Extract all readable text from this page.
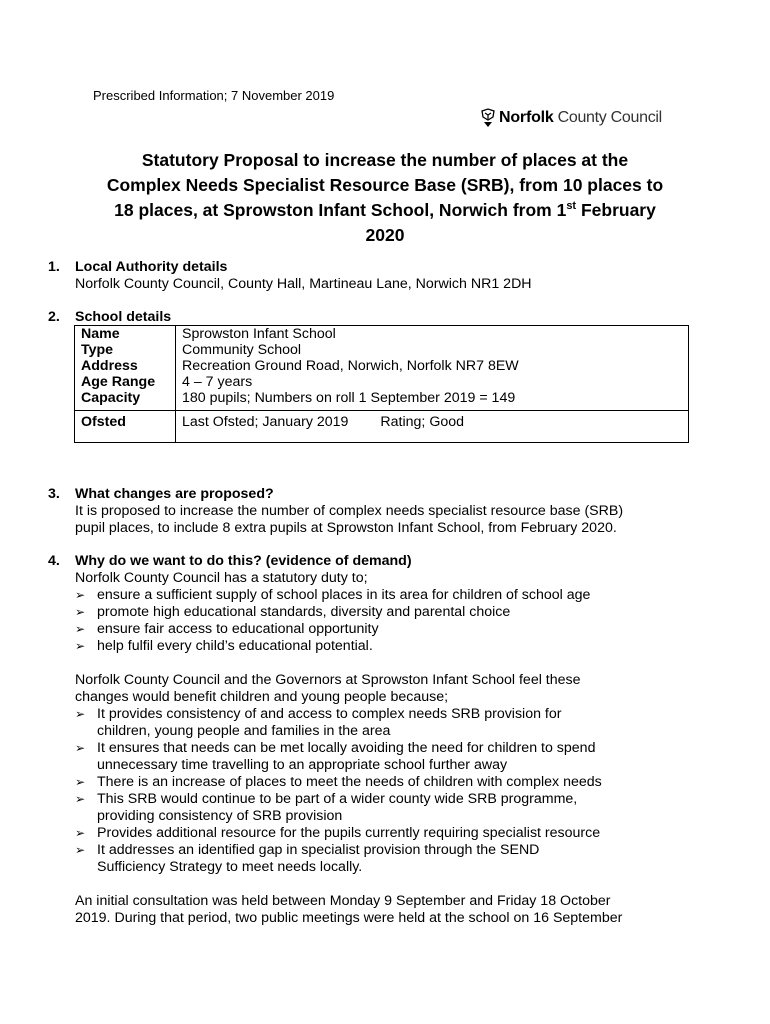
Prescribed Information; 7 November 2019
Norfolk County Council
Statutory Proposal to increase the number of places at the
Complex Needs Specialist Resource Base (SRB), from 10 places to
18 places, at Sprowston Infant School, Norwich from 1st February
2020
1. Local Authority details
Norfolk County Council, County Hall, Martineau Lane, Norwich NR1 2DH
2. School details
Name	Sprowston Infant School
Type	Community School
Address	Recreation Ground Road, Norwich, Norfolk NR7 8EW
Age Range	4 – 7 years
Capacity	180 pupils; Numbers on roll 1 September 2019 = 149
Ofsted	Last Ofsted; January 2019 Rating; Good
3. What changes are proposed?
It is proposed to increase the number of complex needs specialist resource base (SRB)
pupil places, to include 8 extra pupils at Sprowston Infant School, from February 2020.
4. Why do we want to do this? (evidence of demand)
Norfolk County Council has a statutory duty to;
➢ ensure a sufficient supply of school places in its area for children of school age
➢ promote high educational standards, diversity and parental choice
➢ ensure fair access to educational opportunity
➢ help fulfil every child’s educational potential.
Norfolk County Council and the Governors at Sprowston Infant School feel these
changes would benefit children and young people because;
➢ It provides consistency of and access to complex needs SRB provision for
children, young people and families in the area
➢ It ensures that needs can be met locally avoiding the need for children to spend
unnecessary time travelling to an appropriate school further away
➢ There is an increase of places to meet the needs of children with complex needs
➢ This SRB would continue to be part of a wider county wide SRB programme,
providing consistency of SRB provision
➢ Provides additional resource for the pupils currently requiring specialist resource
➢ It addresses an identified gap in specialist provision through the SEND
Sufficiency Strategy to meet needs locally.
An initial consultation was held between Monday 9 September and Friday 18 October
2019. During that period, two public meetings were held at the school on 16 September
